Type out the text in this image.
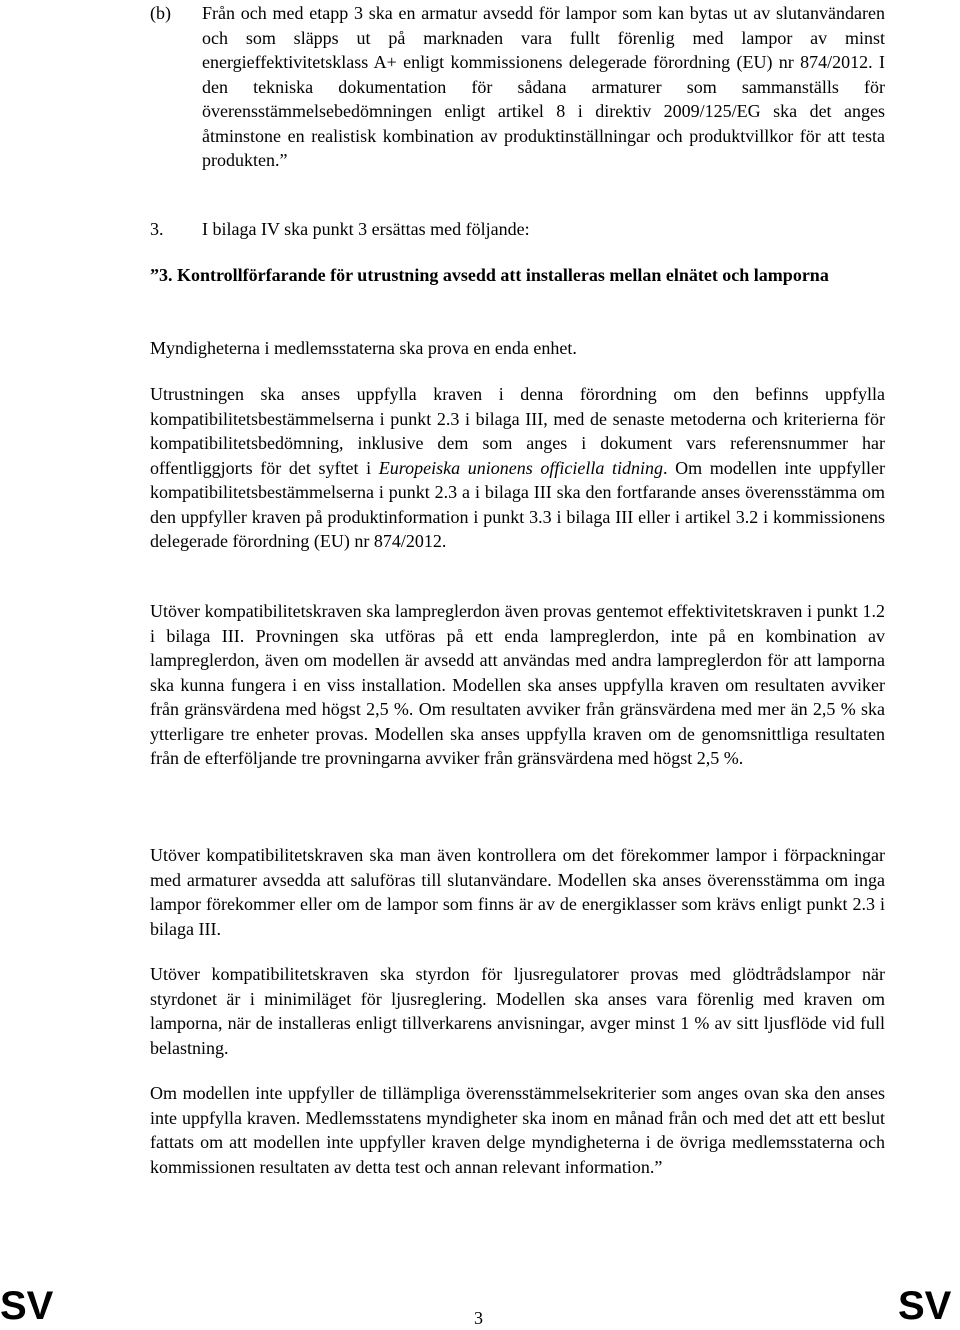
(b) Från och med etapp 3 ska en armatur avsedd för lampor som kan bytas ut av slutanvändaren och som släpps ut på marknaden vara fullt förenlig med lampor av minst energieffektivitetsklass A+ enligt kommissionens delegerade förordning (EU) nr 874/2012. I den tekniska dokumentation för sådana armaturer som sammanställs för överensstämmelsebedömningen enligt artikel 8 i direktiv 2009/125/EG ska det anges åtminstone en realistisk kombination av produktinställningar och produktvillkor för att testa produkten.”

3. I bilaga IV ska punkt 3 ersättas med följande:

”3. Kontrollförfarande för utrustning avsedd att installeras mellan elnätet och lamporna

Myndigheterna i medlemsstaterna ska prova en enda enhet.

Utrustningen ska anses uppfylla kraven i denna förordning om den befinns uppfylla kompatibilitetsbestämmelserna i punkt 2.3 i bilaga III, med de senaste metoderna och kriterierna för kompatibilitetsbedömning, inklusive dem som anges i dokument vars referensnummer har offentliggjorts för det syftet i Europeiska unionens officiella tidning. Om modellen inte uppfyller kompatibilitetsbestämmelserna i punkt 2.3 a i bilaga III ska den fortfarande anses överensstämma om den uppfyller kraven på produktinformation i punkt 3.3 i bilaga III eller i artikel 3.2 i kommissionens delegerade förordning (EU) nr 874/2012.

Utöver kompatibilitetskraven ska lampreglerdon även provas gentemot effektivitetskraven i punkt 1.2 i bilaga III. Provningen ska utföras på ett enda lampreglerdon, inte på en kombination av lampreglerdon, även om modellen är avsedd att användas med andra lampreglerdon för att lamporna ska kunna fungera i en viss installation. Modellen ska anses uppfylla kraven om resultaten avviker från gränsvärdena med högst 2,5 %. Om resultaten avviker från gränsvärdena med mer än 2,5 % ska ytterligare tre enheter provas. Modellen ska anses uppfylla kraven om de genomsnittliga resultaten från de efterföljande tre provningarna avviker från gränsvärdena med högst 2,5 %.

Utöver kompatibilitetskraven ska man även kontrollera om det förekommer lampor i förpackningar med armaturer avsedda att saluföras till slutanvändare. Modellen ska anses överensstämma om inga lampor förekommer eller om de lampor som finns är av de energiklasser som krävs enligt punkt 2.3 i bilaga III.

Utöver kompatibilitetskraven ska styrdon för ljusregulatorer provas med glödtrådslampor när styrdonet är i minimiläget för ljusreglering. Modellen ska anses vara förenlig med kraven om lamporna, när de installeras enligt tillverkarens anvisningar, avger minst 1 % av sitt ljusflöde vid full belastning.

Om modellen inte uppfyller de tillämpliga överensstämmelsekriterier som anges ovan ska den anses inte uppfylla kraven. Medlemsstatens myndigheter ska inom en månad från och med det att ett beslut fattats om att modellen inte uppfyller kraven delge myndigheterna i de övriga medlemsstaterna och kommissionen resultaten av detta test och annan relevant information.”

SV	3	SV
